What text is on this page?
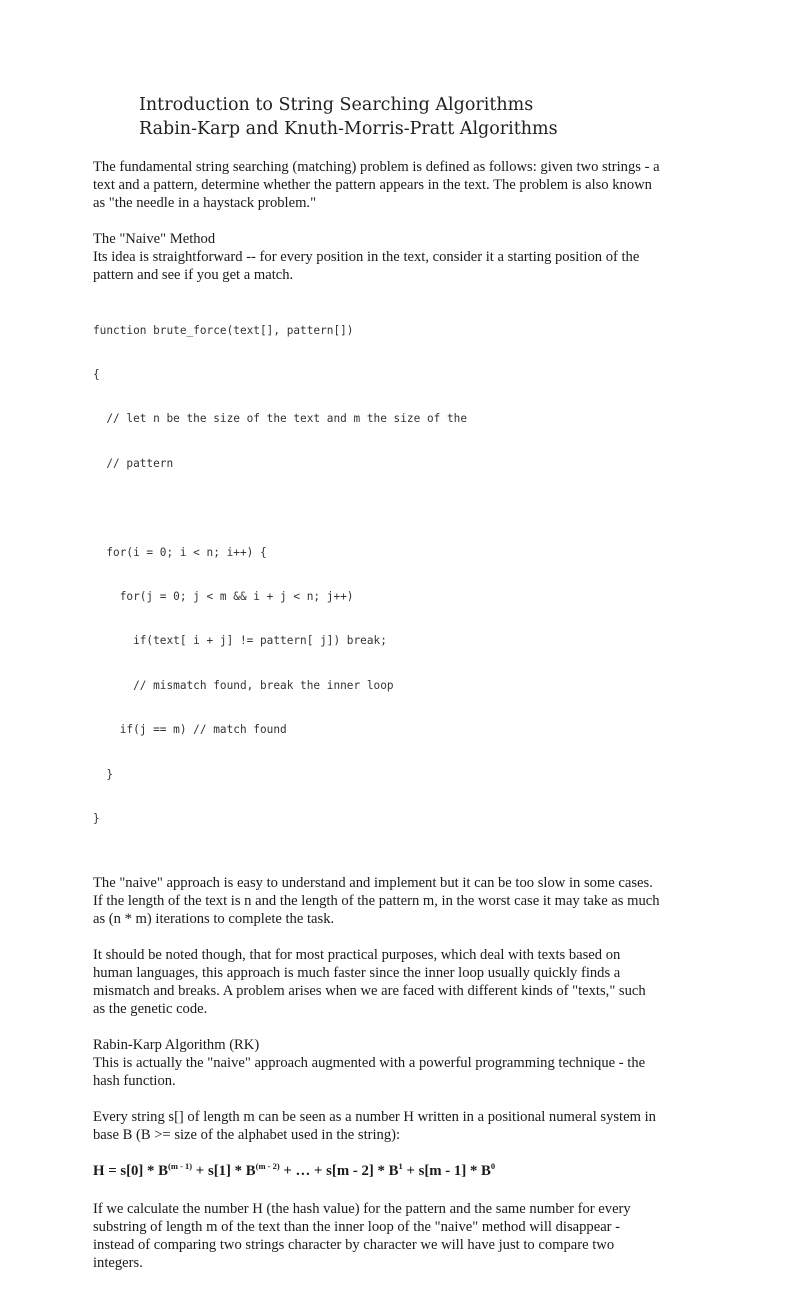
Introduction to String Searching Algorithms
Rabin-Karp and Knuth-Morris-Pratt Algorithms

The fundamental string searching (matching) problem is defined as follows: given two strings - a
text and a pattern, determine whether the pattern appears in the text. The problem is also known
as "the needle in a haystack problem."

The "Naive" Method
Its idea is straightforward -- for every position in the text, consider it a starting position of the
pattern and see if you get a match.

function brute_force(text[], pattern[])

{

// let n be the size of the text and m the size of the

// pattern

for(i = 0; i < n; i++) {

for(j = 0; j < m && i + j < n; j++)

if(text[ i + j] != pattern[ j]) break;

// mismatch found, break the inner loop

if(j == m) // match found

}

}

The "naive" approach is easy to understand and implement but it can be too slow in some cases.
If the length of the text is n and the length of the pattern m, in the worst case it may take as much
as (n * m) iterations to complete the task.

It should be noted though, that for most practical purposes, which deal with texts based on
human languages, this approach is much faster since the inner loop usually quickly finds a
mismatch and breaks. A problem arises when we are faced with different kinds of "texts," such
as the genetic code.

Rabin-Karp Algorithm (RK)
This is actually the "naive" approach augmented with a powerful programming technique - the
hash function.

Every string s[] of length m can be seen as a number H written in a positional numeral system in
base B (B >= size of the alphabet used in the string):

$H = s[0] * B^{(m - 1)} + s[1] * B^{(m - 2)}$ + … + $s[m - 2] * B^1 + s[m - 1] * B^0$

If we calculate the number H (the hash value) for the pattern and the same number for every
substring of length m of the text than the inner loop of the "naive" method will disappear -
instead of comparing two strings character by character we will have just to compare two
integers.
